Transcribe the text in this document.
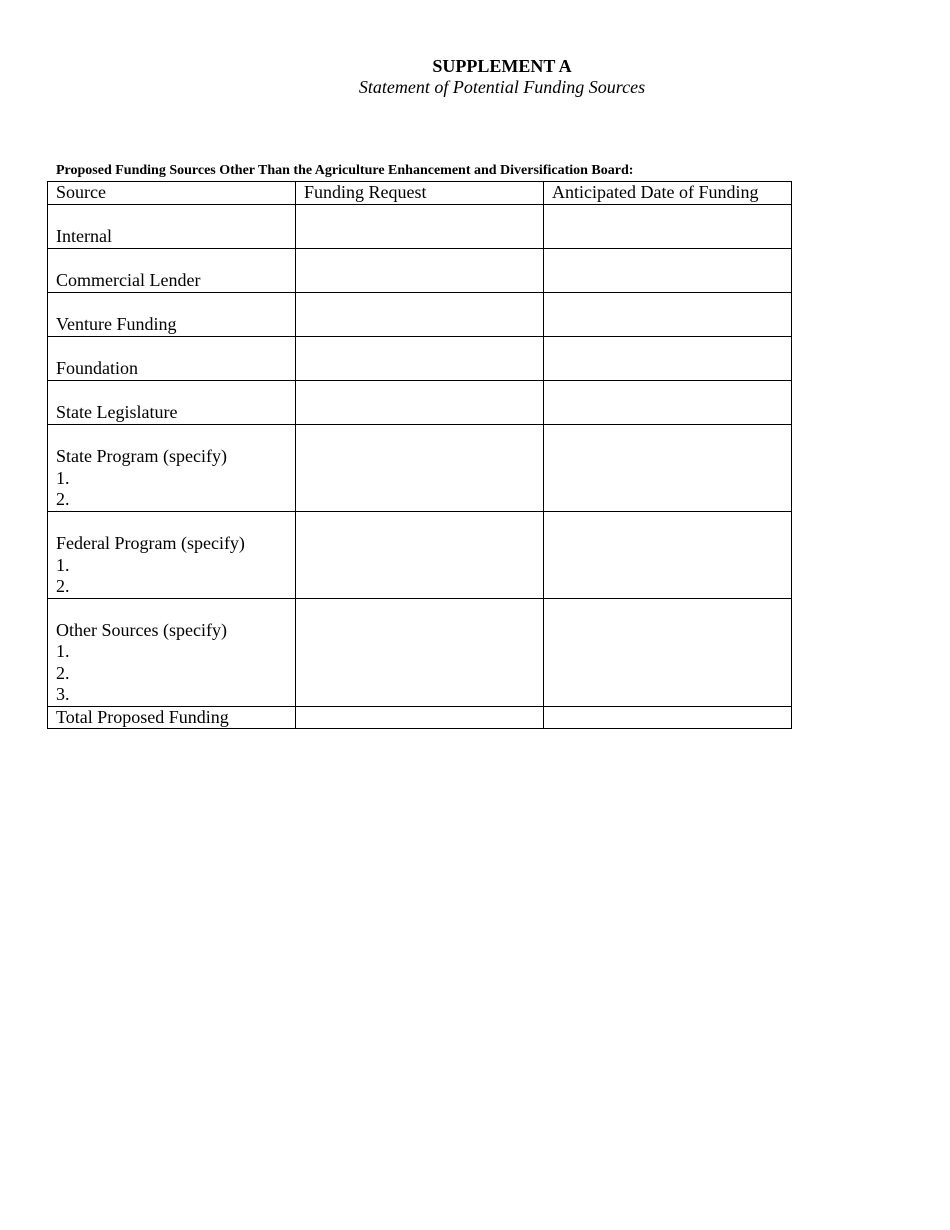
SUPPLEMENT A
Statement of Potential Funding Sources
Proposed Funding Sources Other Than the Agriculture Enhancement and Diversification Board:
Source	Funding Request	Anticipated Date of Funding
Internal		
Commercial Lender		
Venture Funding		
Foundation		
State Legislature		

State Program (specify)
1.
2.		

Federal Program (specify)
1.
2.		

Other Sources (specify)
1.
2.
3.		

Total Proposed Funding		
